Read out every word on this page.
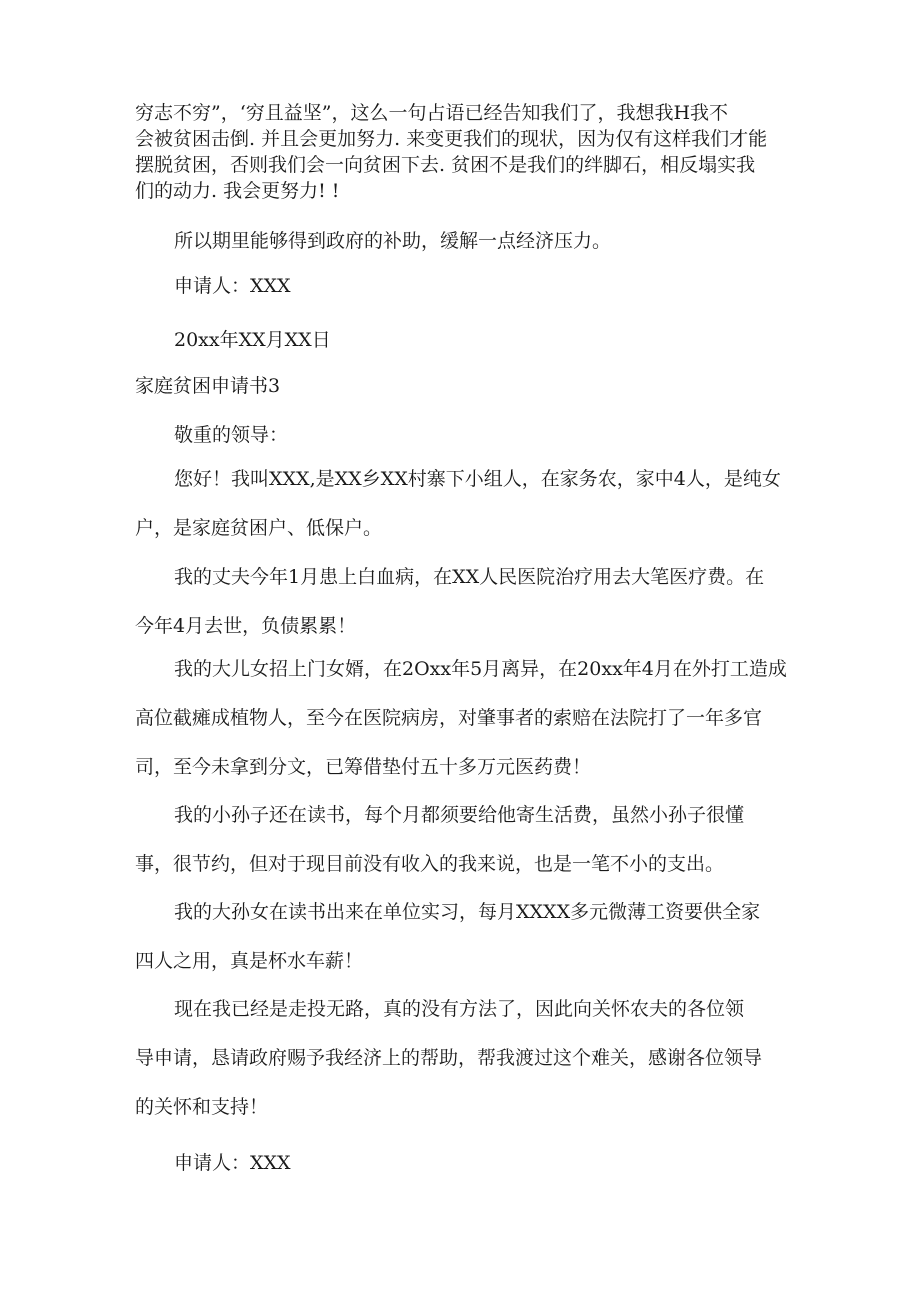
穷志不穷”，‘穷且益坚”，这么一句占语已经告知我们了，我想我H我不
会被贫困击倒. 并且会更加努力. 来变更我们的现状，因为仅有这样我们才能
摆脱贫困，否则我们会一向贫困下去. 贫困不是我们的绊脚石，相反塌实我
们的动力. 我会更努力! !
所以期里能够得到政府的补助，缓解一点经济压力。
申请人：XXX
20xx年XX月XX日
家庭贫困申请书3
敬重的领导：
您好！我叫XXX,是XX乡XX村寨下小组人，在家务农，家中4人，是纯女
户，是家庭贫困户、低保户。
我的丈夫今年1月患上白血病，在XX人民医院治疗用去大笔医疗费。在
今年4月去世，负债累累！
我的大儿女招上门女婿，在2Oxx年5月离异，在20xx年4月在外打工造成
高位截瘫成植物人，至今在医院病房，对肇事者的索赔在法院打了一年多官
司，至今未拿到分文，已筹借垫付五十多万元医药费！
我的小孙子还在读书，每个月都须要给他寄生活费，虽然小孙子很懂
事，很节约，但对于现目前没有收入的我来说，也是一笔不小的支出。
我的大孙女在读书出来在单位实习，每月XXXX多元微薄工资要供全家
四人之用，真是杯水车薪！
现在我已经是走投无路，真的没有方法了，因此向关怀农夫的各位领
导申请，恳请政府赐予我经济上的帮助，帮我渡过这个难关，感谢各位领导
的关怀和支持！
申请人：XXX
